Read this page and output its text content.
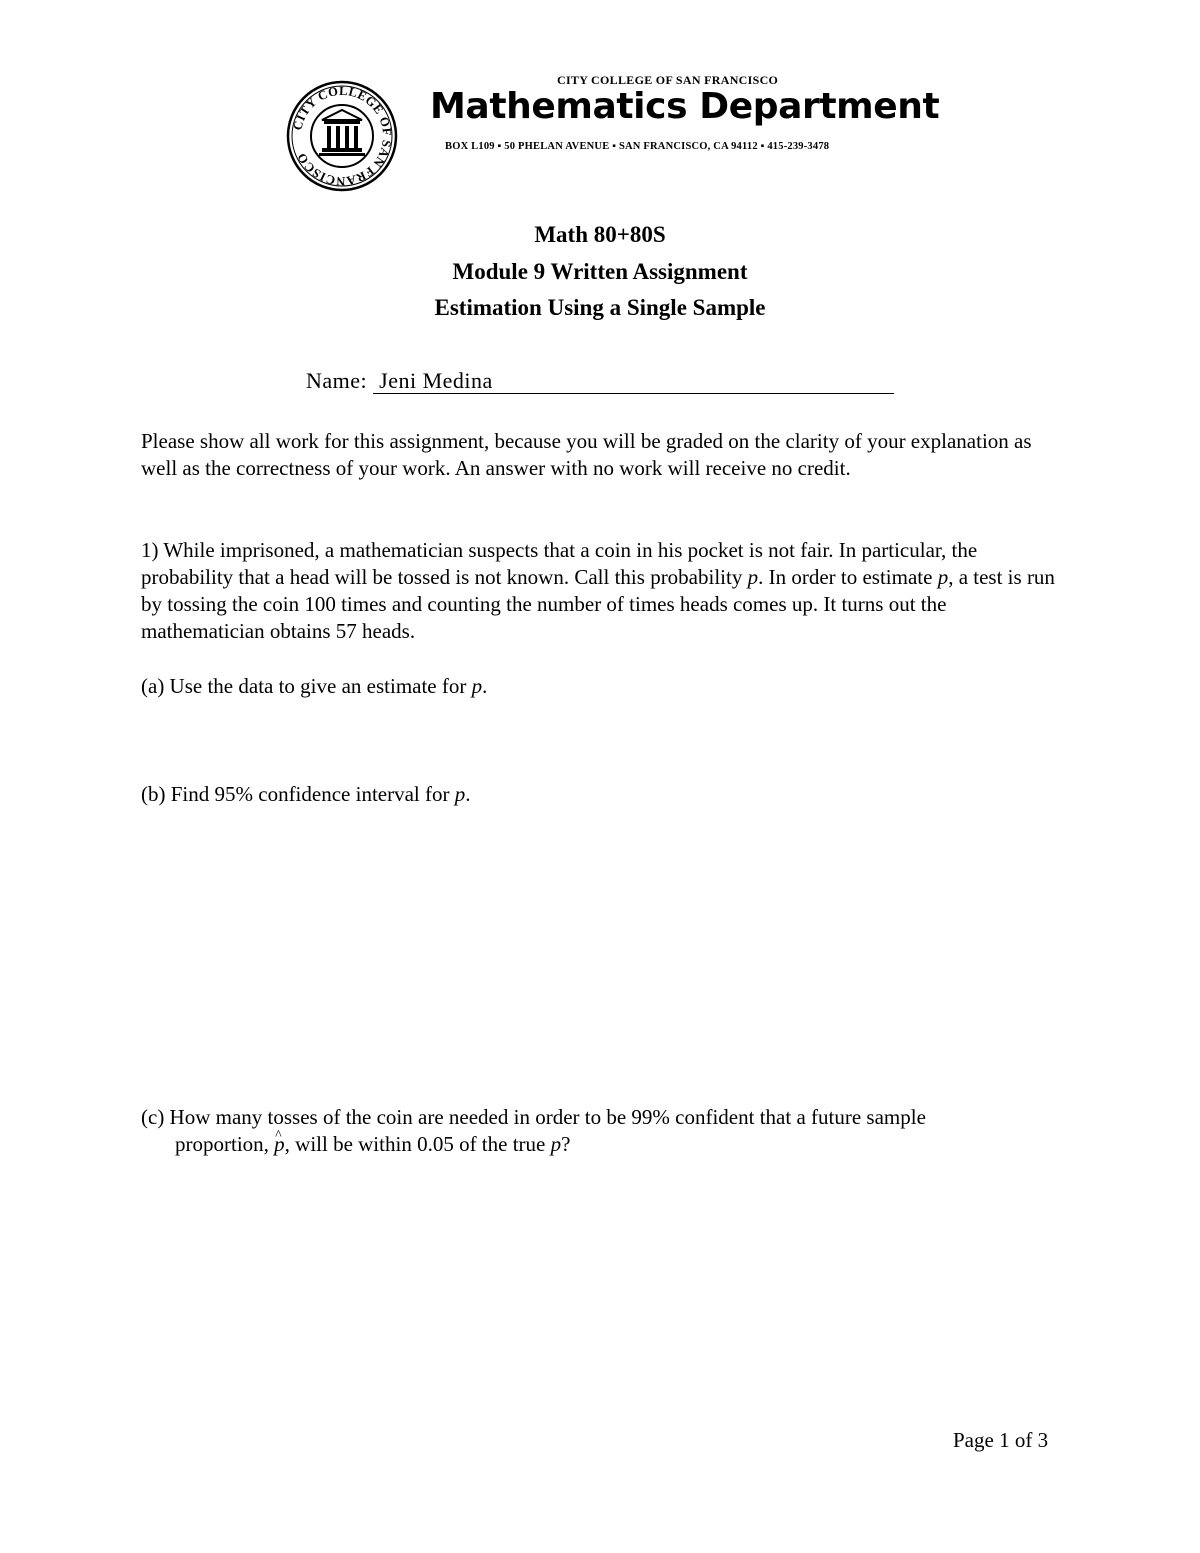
CITY COLLEGE OF SAN FRANCISCO
CITY COLLEGE OF SAN FRANCISCO
Mathematics Department
BOX L109 ▪ 50 PHELAN AVENUE ▪ SAN FRANCISCO, CA 94112 ▪ 415-239-3478
Math 80+80S
Module 9 Written Assignment
Estimation Using a Single Sample
Name: Jeni Medina

Please show all work for this assignment, because you will be graded on the clarity of your explanation as well as the correctness of your work. An answer with no work will receive no credit.

1) While imprisoned, a mathematician suspects that a coin in his pocket is not fair. In particular, the probability that a head will be tossed is not known. Call this probability p. In order to estimate p, a test is run by tossing the coin 100 times and counting the number of times heads comes up. It turns out the mathematician obtains 57 heads.

(a) Use the data to give an estimate for p.

(b) Find 95% confidence interval for p.

(c) How many tosses of the coin are needed in order to be 99% confident that a future sample
proportion, ^ p, will be within 0.05 of the true p?

Page 1 of 3
